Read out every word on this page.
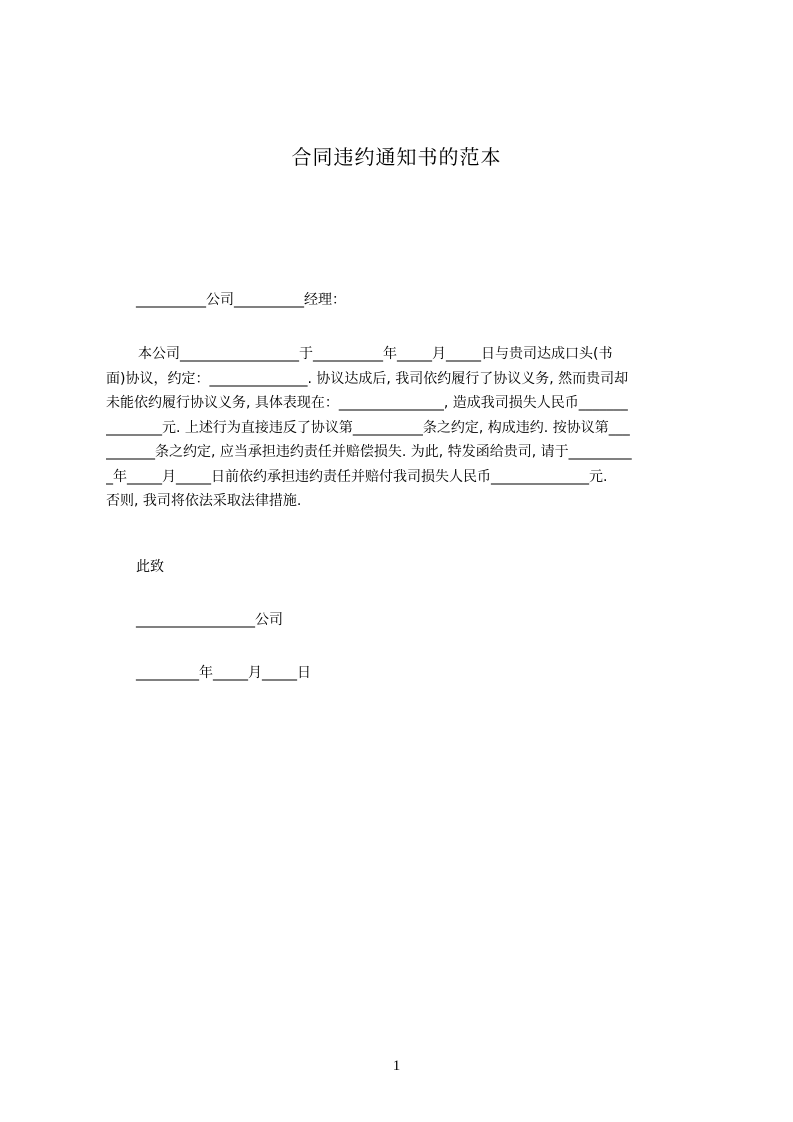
合同违约通知书的范本
__________公司__________经理：
本公司_________________于__________年_____月_____日与贵司达成口头(书
面)协议，约定：______________. 协议达成后, 我司依约履行了协议义务, 然而贵司却
未能依约履行协议义务, 具体表现在：_______________, 造成我司损失人民币_______
________元. 上述行为直接违反了协议第__________条之约定, 构成违约. 按协议第___
_______条之约定, 应当承担违约责任并赔偿损失. 为此, 特发函给贵司, 请于_________
_年_____月_____日前依约承担违约责任并赔付我司损失人民币______________元.
否则, 我司将依法采取法律措施.
此致
_________________公司
_________年_____月_____日
1
